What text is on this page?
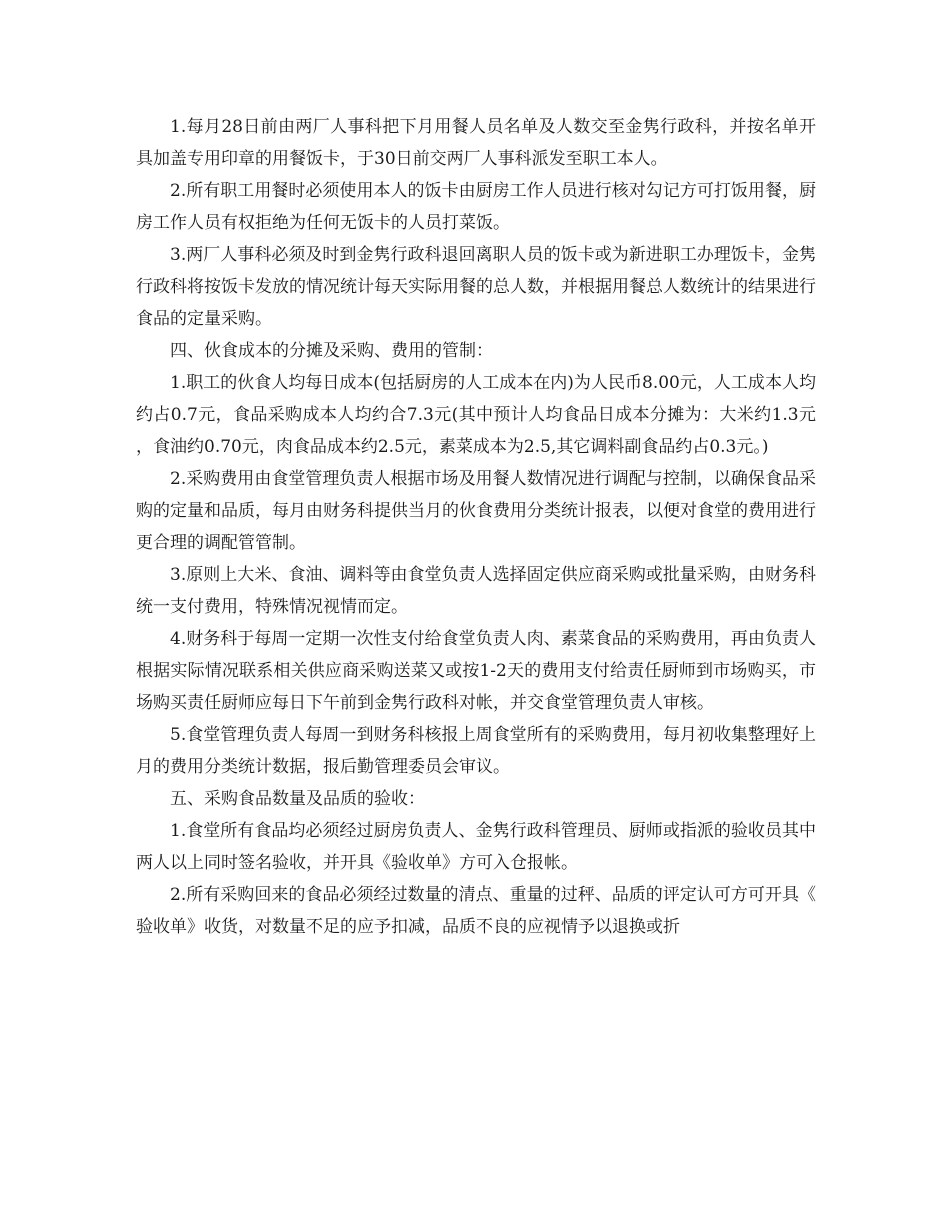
1.每月28日前由两厂人事科把下月用餐人员名单及人数交至金隽行政科，并按名单开具加盖专用印章的用餐饭卡，于30日前交两厂人事科派发至职工本人。

2.所有职工用餐时必须使用本人的饭卡由厨房工作人员进行核对勾记方可打饭用餐，厨房工作人员有权拒绝为任何无饭卡的人员打菜饭。

3.两厂人事科必须及时到金隽行政科退回离职人员的饭卡或为新进职工办理饭卡，金隽行政科将按饭卡发放的情况统计每天实际用餐的总人数，并根据用餐总人数统计的结果进行食品的定量采购。

四、伙食成本的分摊及采购、费用的管制：

1.职工的伙食人均每日成本(包括厨房的人工成本在内)为人民币8.00元，人工成本人均约占0.7元，食品采购成本人均约合7.3元(其中预计人均食品日成本分摊为：大米约1.3元，食油约0.70元，肉食品成本约2.5元，素菜成本为2.5,其它调料副食品约占0.3元。)

2.采购费用由食堂管理负责人根据市场及用餐人数情况进行调配与控制，以确保食品采购的定量和品质，每月由财务科提供当月的伙食费用分类统计报表，以便对食堂的费用进行更合理的调配管管制。

3.原则上大米、食油、调料等由食堂负责人选择固定供应商采购或批量采购，由财务科统一支付费用，特殊情况视情而定。

4.财务科于每周一定期一次性支付给食堂负责人肉、素菜食品的采购费用，再由负责人根据实际情况联系相关供应商采购送菜又或按1-2天的费用支付给责任厨师到市场购买，市场购买责任厨师应每日下午前到金隽行政科对帐，并交食堂管理负责人审核。

5.食堂管理负责人每周一到财务科核报上周食堂所有的采购费用，每月初收集整理好上月的费用分类统计数据，报后勤管理委员会审议。

五、采购食品数量及品质的验收：

1.食堂所有食品均必须经过厨房负责人、金隽行政科管理员、厨师或指派的验收员其中两人以上同时签名验收，并开具《验收单》方可入仓报帐。

2.所有采购回来的食品必须经过数量的清点、重量的过秤、品质的评定认可方可开具《验收单》收货，对数量不足的应予扣减，品质不良的应视情予以退换或折
